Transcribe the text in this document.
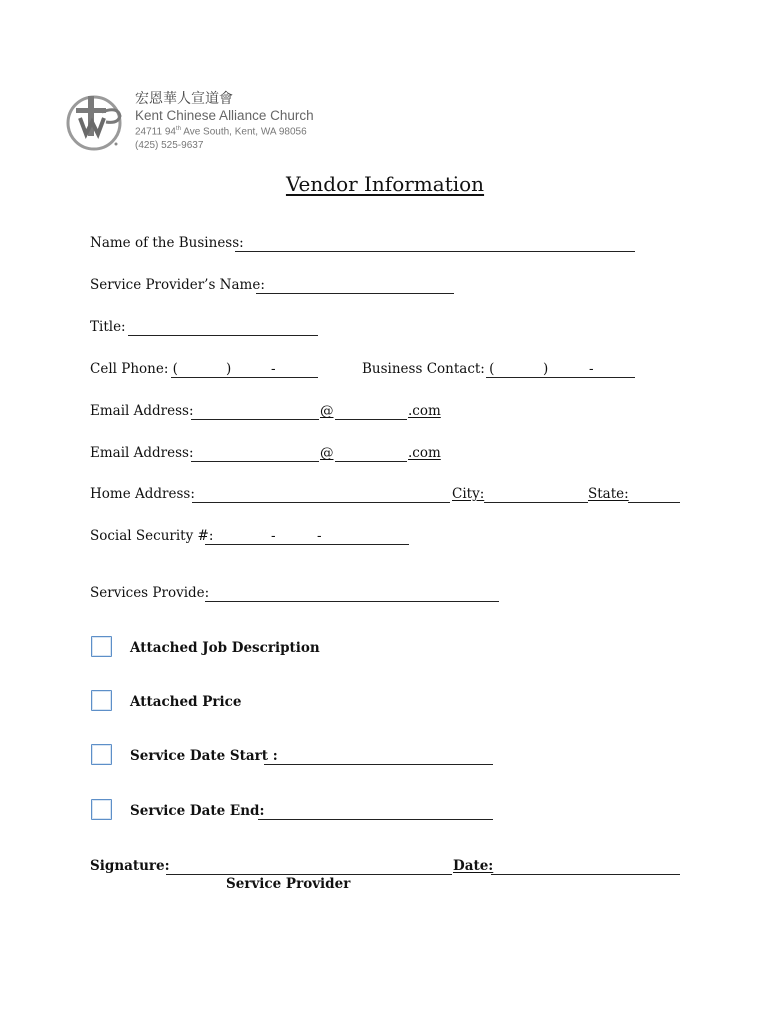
宏恩華人宣道會
Kent Chinese Alliance Church
24711 94th Ave South, Kent, WA 98056
(425) 525-9637
Vendor Information
Name of the Business:
Service Provider’s Name:
Title:
Cell Phone: (	)	-	Business Contact: (	)	-
Email Address:	@	.com
Email Address:	@	.com
Home Address:	City:	State:
Social Security #:	-	-
Services Provide:
Attached Job Description
Attached Price
Service Date Start :
Service Date End:
Signature:	Date:
Service Provider
